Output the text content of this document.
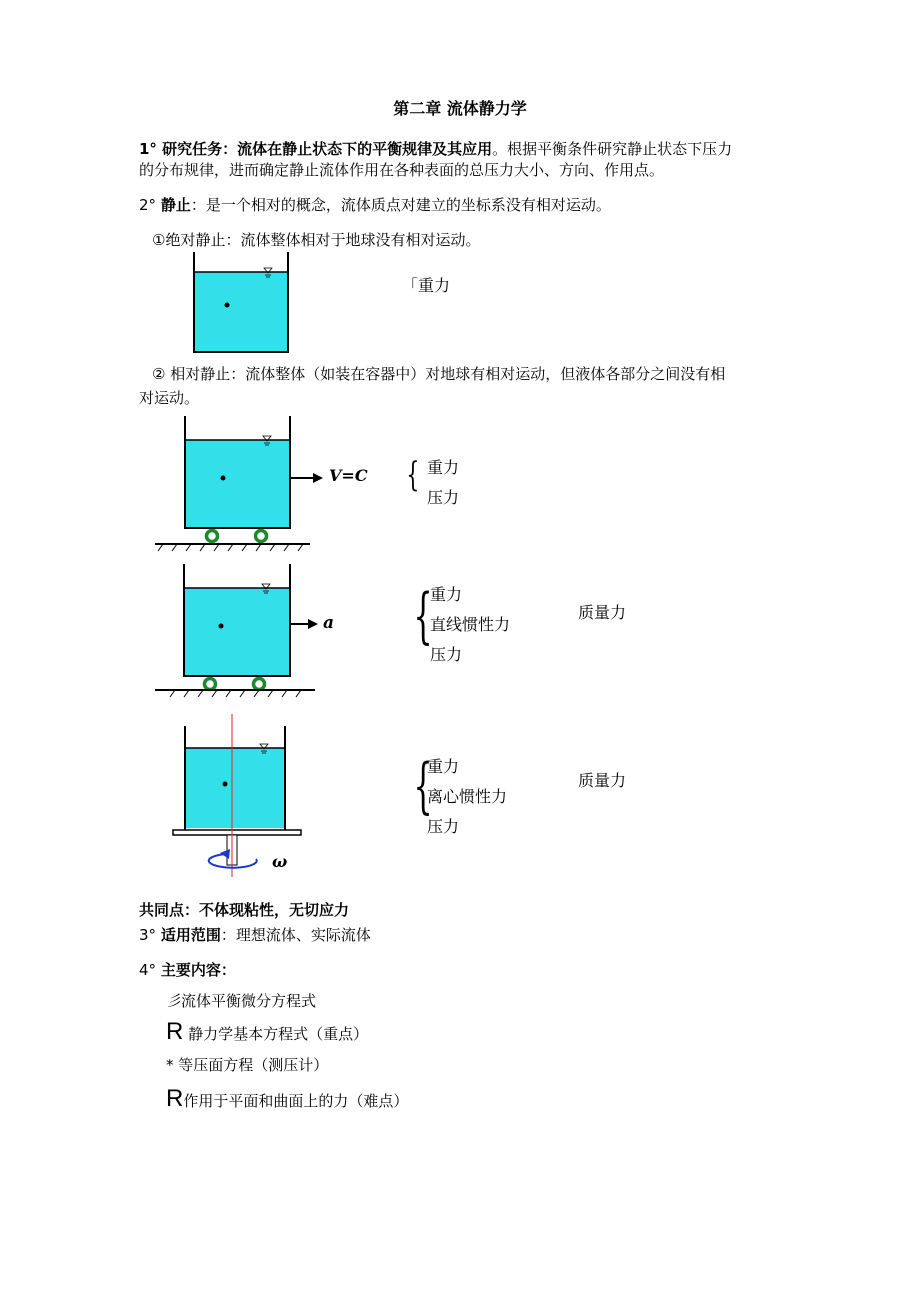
第二章 流体静力学
1° 研究任务：流体在静止状态下的平衡规律及其应用。根据平衡条件研究静止状态下压力
的分布规律，进而确定静止流体作用在各种表面的总压力大小、方向、作用点。
2° 静止：是一个相对的概念，流体质点对建立的坐标系没有相对运动。
①绝对静止：流体整体相对于地球没有相对运动。
「重力
② 相对静止：流体整体（如装在容器中）对地球有相对运动，但液体各部分之间没有相
对运动。
V=C { 重力
压力
a {
重力
直线惯性力
压力
质量力
ω
{
重力
离心惯性力
压力
质量力
共同点：不体现粘性，无切应力
3° 适用范围：理想流体、实际流体
4° 主要内容：
彡流体平衡微分方程式
R 静力学基本方程式（重点）
* 等压面方程（测压计）
R作用于平面和曲面上的力（难点）
